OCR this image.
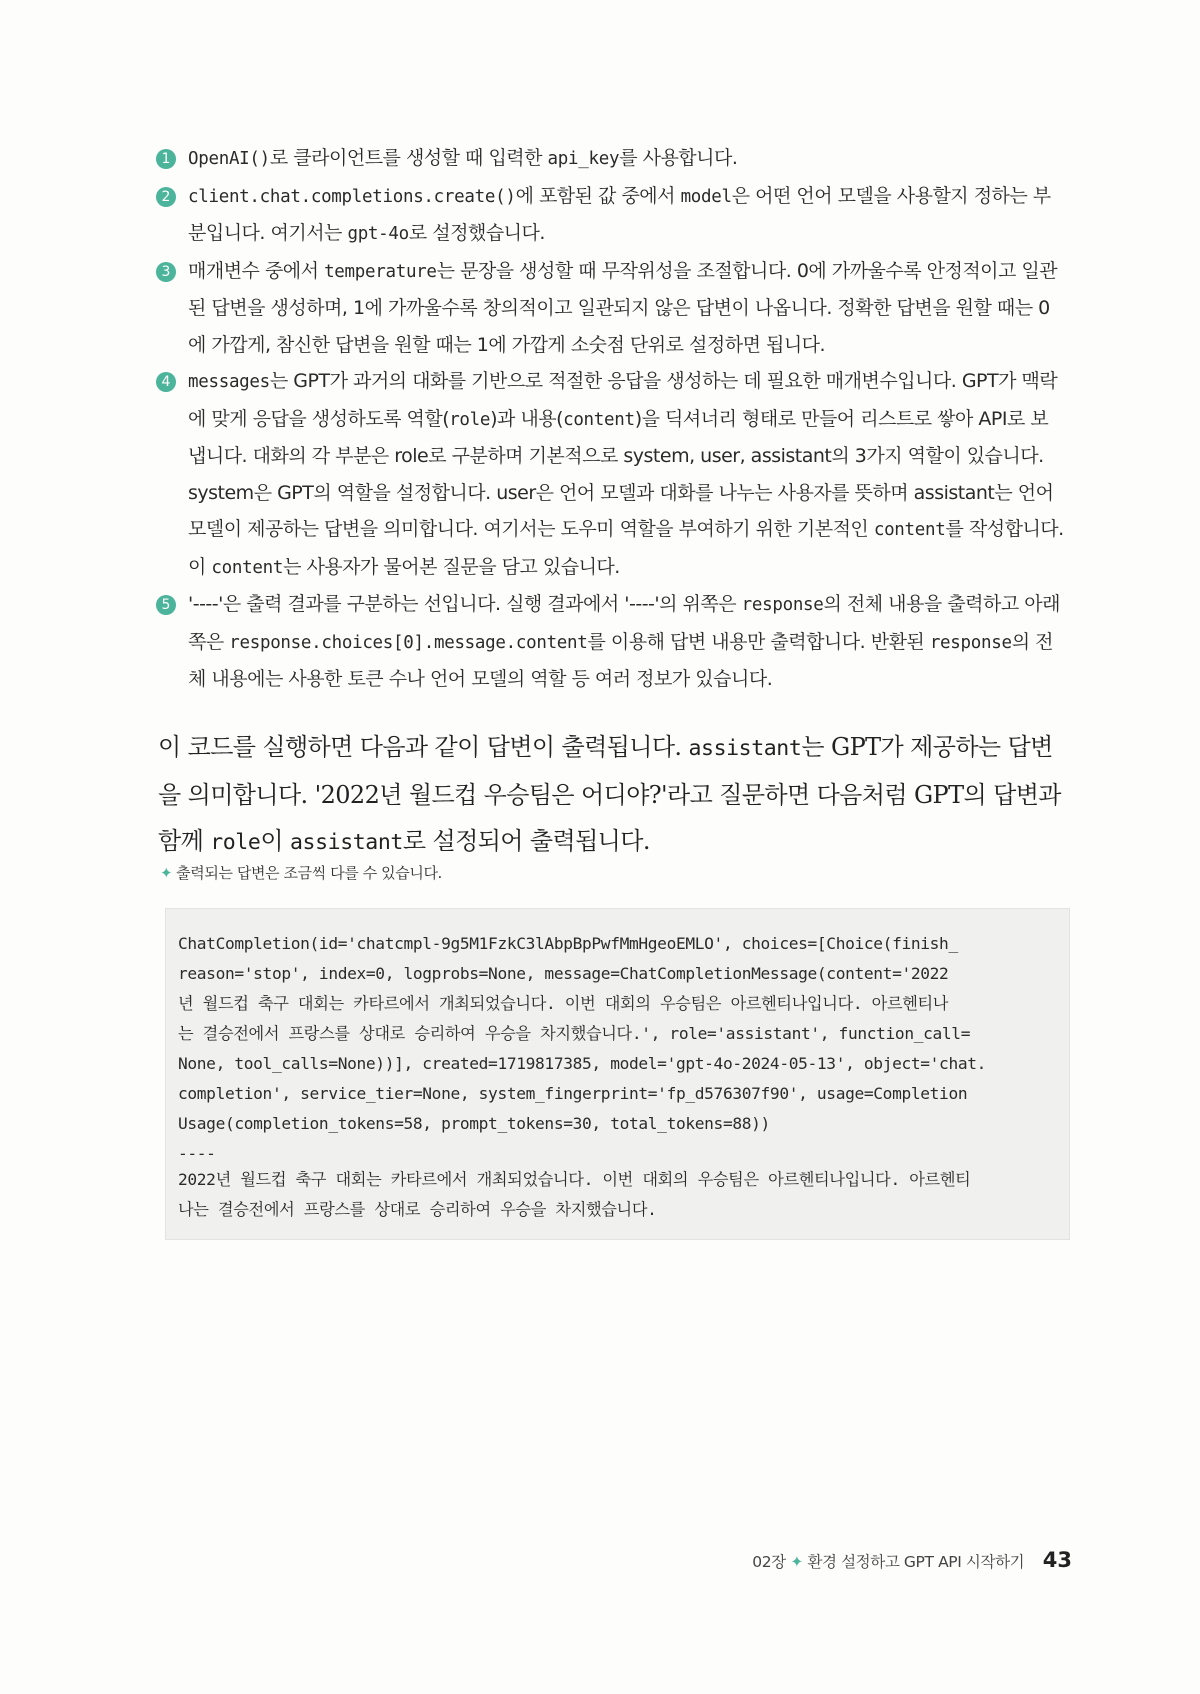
1	OpenAI()로 클라이언트를 생성할 때 입력한 api_key를 사용합니다.
2	client.chat.completions.create()에 포함된 값 중에서 model은 어떤 언어 모델을 사용할지 정하는 부분입니다. 여기서는 gpt-4o로 설정했습니다.
3 매개변수 중에서 temperature는 문장을 생성할 때 무작위성을 조절합니다. 0에 가까울수록 안정적이고 일관된 답변을 생성하며, 1에 가까울수록 창의적이고 일관되지 않은 답변이 나옵니다. 정확한 답변을 원할 때는 0에 가깝게, 참신한 답변을 원할 때는 1에 가깝게 소숫점 단위로 설정하면 됩니다.
4	messages는 GPT가 과거의 대화를 기반으로 적절한 응답을 생성하는 데 필요한 매개변수입니다. GPT가 맥락에 맞게 응답을 생성하도록 역할(role)과 내용(content)을 딕셔너리 형태로 만들어 리스트로 쌓아 API로 보냅니다. 대화의 각 부분은 role로 구분하며 기본적으로 system, user, assistant의 3가지 역할이 있습니다. system은 GPT의 역할을 설정합니다. user은 언어 모델과 대화를 나누는 사용자를 뜻하며 assistant는 언어 모델이 제공하는 답변을 의미합니다. 여기서는 도우미 역할을 부여하기 위한 기본적인 content를 작성합니다. 이 content는 사용자가 물어본 질문을 담고 있습니다.
5 '----'은 출력 결과를 구분하는 선입니다. 실행 결과에서 '----'의 위쪽은 response의 전체 내용을 출력하고 아래쪽은 response.choices[0].message.content를 이용해 답변 내용만 출력합니다. 반환된 response의 전체 내용에는 사용한 토큰 수나 언어 모델의 역할 등 여러 정보가 있습니다.
이 코드를 실행하면 다음과 같이 답변이 출력됩니다. assistant는 GPT가 제공하는 답변을 의미합니다. '2022년 월드컵 우승팀은 어디야?'라고 질문하면 다음처럼 GPT의 답변과 함께 role이 assistant로 설정되어 출력됩니다.
✦ 출력되는 답변은 조금씩 다를 수 있습니다.
ChatCompletion(id='chatcmpl-9g5M1FzkC3lAbpBpPwfMmHgeoEMLO', choices=[Choice(finish_
reason='stop', index=0, logprobs=None, message=ChatCompletionMessage(content='2022
년 월드컵 축구 대회는 카타르에서 개최되었습니다. 이번 대회의 우승팀은 아르헨티나입니다. 아르헨티나
는 결승전에서 프랑스를 상대로 승리하여 우승을 차지했습니다.', role='assistant', function_call=
None, tool_calls=None))], created=1719817385, model='gpt-4o-2024-05-13', object='chat.
completion', service_tier=None, system_fingerprint='fp_d576307f90', usage=Completion
Usage(completion_tokens=58, prompt_tokens=30, total_tokens=88))
----
2022년 월드컵 축구 대회는 카타르에서 개최되었습니다. 이번 대회의 우승팀은 아르헨티나입니다. 아르헨티
나는 결승전에서 프랑스를 상대로 승리하여 우승을 차지했습니다.
02장 ✦ 환경 설정하고 GPT API 시작하기 43
